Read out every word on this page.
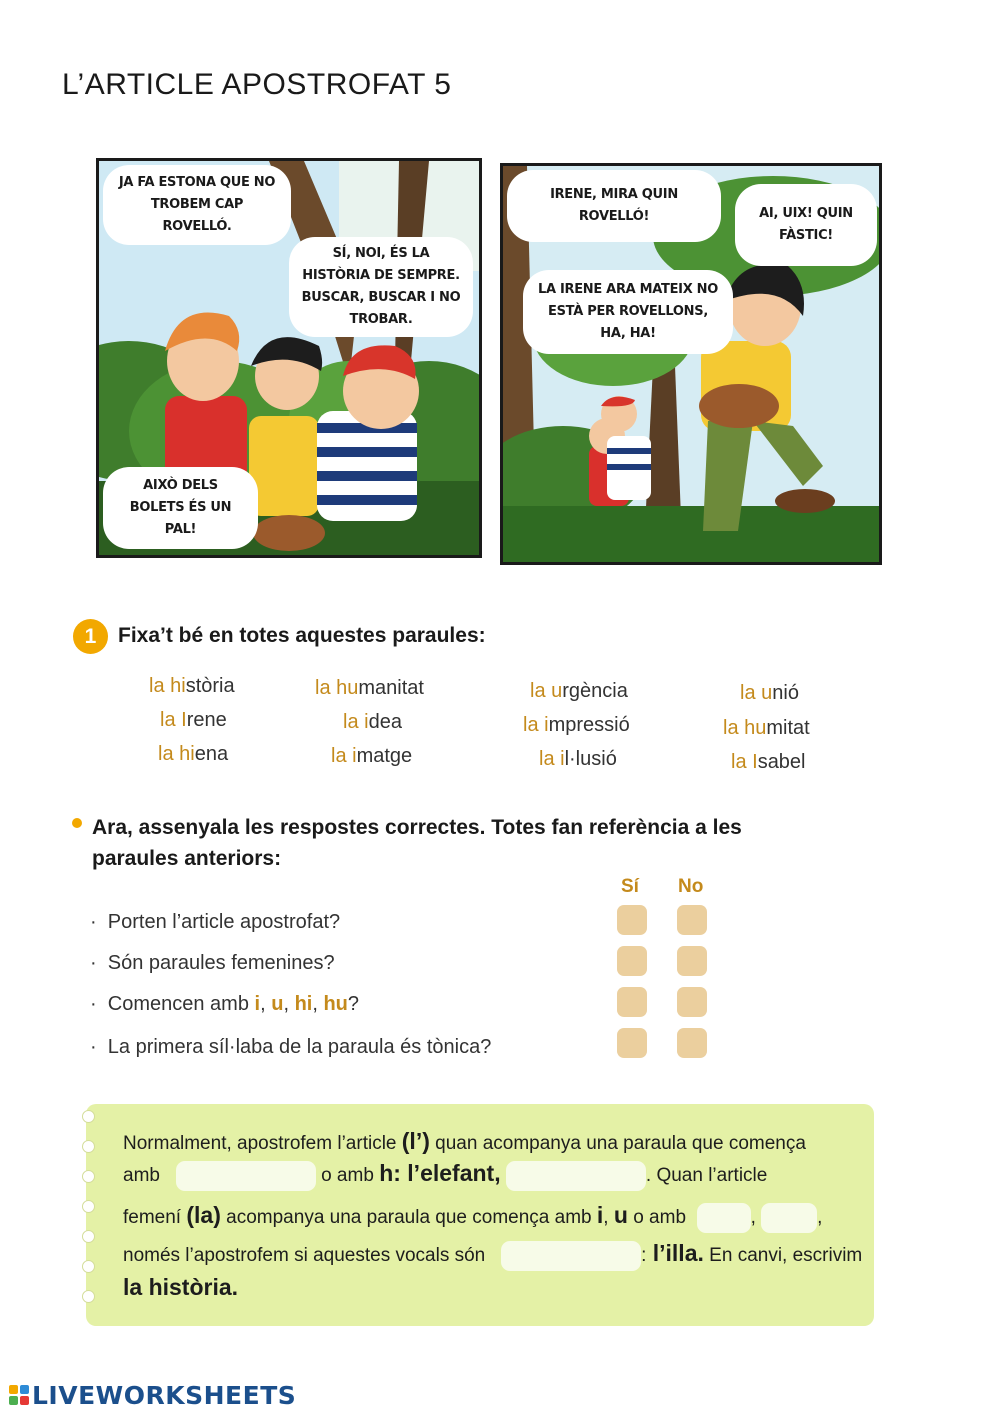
L’ARTICLE APOSTROFAT 5
JA FA ESTONA QUE NO TROBEM CAP ROVELLÓ.
SÍ, NOI, ÉS LA HISTÒRIA DE SEMPRE. BUSCAR, BUSCAR I NO TROBAR.
AIXÒ DELS BOLETS ÉS UN PAL!
IRENE, MIRA QUIN ROVELLÓ!	AI, UIX! QUIN FÀSTIC!
LA IRENE ARA MATEIX NO ESTÀ PER ROVELLONS, HA, HA!
1	Fixa’t bé en totes aquestes paraules:
la història
la Irene
la hiena
la humanitat
la idea
la imatge
la urgència
la impressió
la il·lusió
la unió
la humitat
la Isabel
Ara, assenyala les respostes correctes. Totes fan referència a les paraules anteriors:
Sí No
·  Porten l’article apostrofat?
·  Són paraules femenines?
·  Comencen amb i, u, hi, hu?
·  La primera síl·laba de la paraula és tònica?
Normalment, apostrofem l’article (l’) quan acompanya una paraula que comença
amb	o amb h: l’elefant,	. Quan l’article
femení (la) acompanya una paraula que comença amb i, u o amb	,	,
només l’apostrofem si aquestes vocals són	: l’illa. En canvi, escrivim
la història.
LIVEWORKSHEETS
